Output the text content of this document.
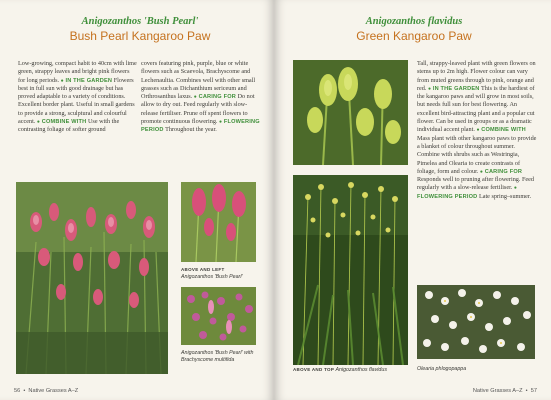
Anigozanthos 'Bush Pearl'
Bush Pearl Kangaroo Paw

Low-growing, compact habit to 40cm with lime green, strappy leaves and bright pink flowers for long periods. ● IN THE GARDEN Flowers best in full sun with good drainage but has proved adaptable to a variety of conditions. Excellent border plant. Useful in small gardens to provide a strong, sculptural and colourful accent. ● COMBINE WITH Use with the contrasting foliage of softer ground

covers featuring pink, purple, blue or white flowers such as Scaevola, Brachyscome and Lechenaultia. Combines well with other small grasses such as Dichanthium sericeum and Orthrosanthus laxus. ● CARING FOR Do not allow to dry out. Feed regularly with slow-release fertiliser. Prune off spent flowers to promote continuous flowering. ● FLOWERING PERIOD Throughout the year.

ABOVE AND LEFT
Anigozanthos 'Bush Pearl'
Anigozanthos 'Bush Pearl' with Brachyscome multifida
56  •  Native Grasses A–Z
Anigozanthos flavidus
Green Kangaroo Paw
ABOVE AND TOP Anigozanthos flavidus

Tall, strappy-leaved plant with green flowers on stems up to 2m high. Flower colour can vary from muted greens through to pink, orange and red. ● IN THE GARDEN This is the hardiest of the kangaroo paws and will grow in most soils, but needs full sun for best flowering. An excellent bird-attracting plant and a popular cut flower. Can be used in groups or as a dramatic individual accent plant. ● COMBINE WITH Mass plant with other kangaroo paws to provide a blanket of colour throughout summer. Combine with shrubs such as Westringia, Pimelea and Olearia to create contrasts of foliage, form and colour. ● CARING FOR Responds well to pruning after flowering. Feed regularly with a slow-release fertiliser. ● FLOWERING PERIOD Late spring–summer.

Olearia phlogopappa
Native Grasses A–Z  •  57
